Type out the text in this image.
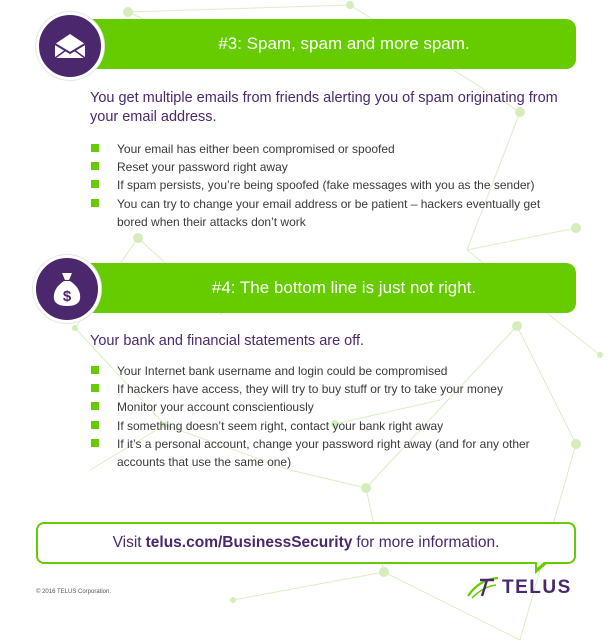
#3: Spam, spam and more spam.

You get multiple emails from friends alerting you of spam originating from your email address.

Your email has either been compromised or spoofed
Reset your password right away
If spam persists, you’re being spoofed (fake messages with you as the sender)
You can try to change your email address or be patient – hackers eventually get bored when their attacks don’t work
#4: The bottom line is just not right.
$

Your bank and financial statements are off.

Your Internet bank username and login could be compromised
If hackers have access, they will try to buy stuff or try to take your money
Monitor your account conscientiously
If something doesn’t seem right, contact your bank right away
If it’s a personal account, change your password right away (and for any other accounts that use the same one)
Visit telus.com/BusinessSecurity for more information.
© 2016 TELUS Corporation.	TELUS
